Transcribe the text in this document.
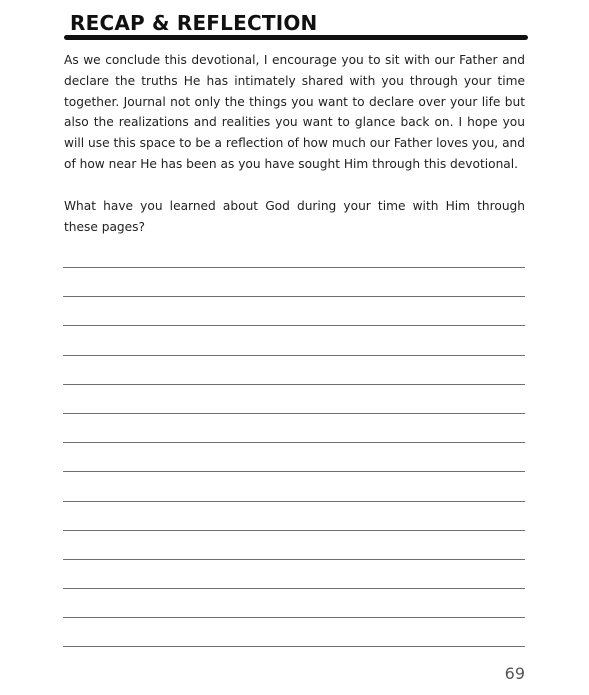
RECAP & REFLECTION

As we conclude this devotional, I encourage you to sit with our Father and declare the truths He has intimately shared with you through your time together. Journal not only the things you want to declare over your life but also the realizations and realities you want to glance back on. I hope you will use this space to be a reflection of how much our Father loves you, and of how near He has been as you have sought Him through this devotional.

What have you learned about God during your time with Him through these pages?

69
